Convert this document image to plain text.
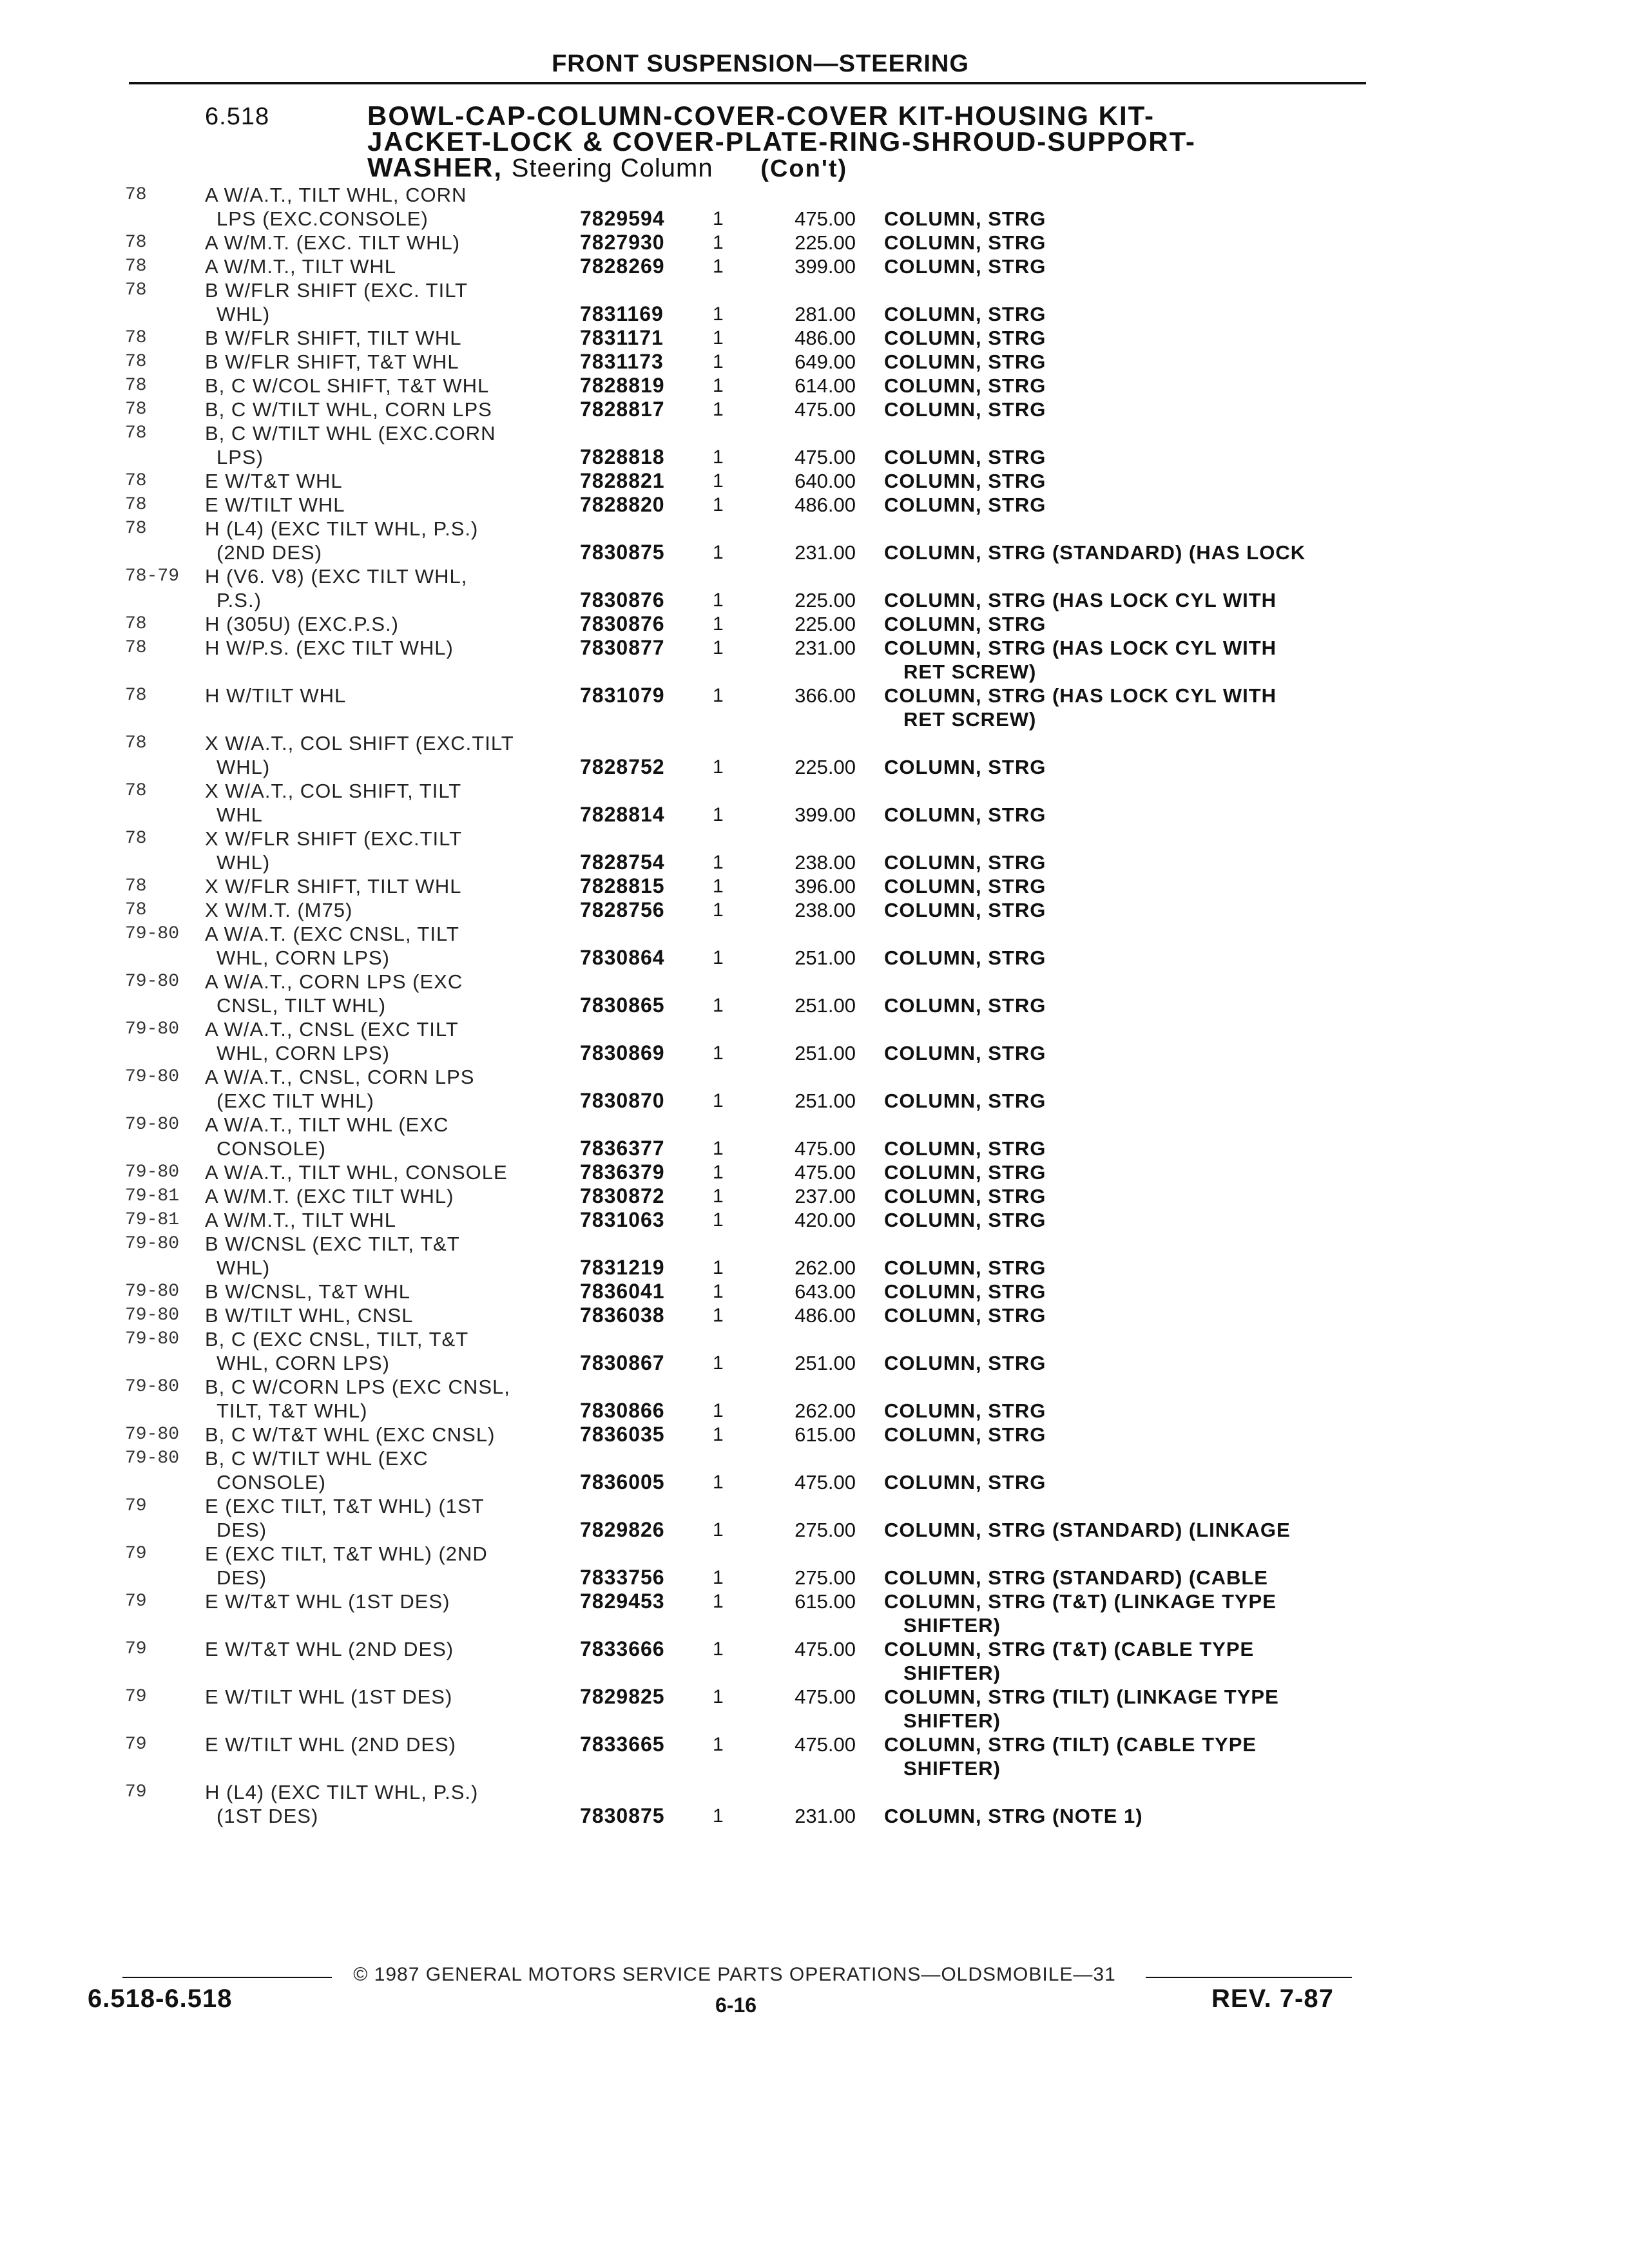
FRONT SUSPENSION—STEERING
6.518	BOWL-CAP-COLUMN-COVER-COVER KIT-HOUSING KIT-
JACKET-LOCK & COVER-PLATE-RING-SHROUD-SUPPORT-
WASHER, Steering Column (Con't)
78	A W/A.T., TILT WHL, CORN
LPS (EXC.CONSOLE)	7829594 1	475.00 COLUMN, STRG
78	A W/M.T. (EXC. TILT WHL)	7827930 1	225.00 COLUMN, STRG
78	A W/M.T., TILT WHL	7828269 1	399.00 COLUMN, STRG
78	B W/FLR SHIFT (EXC. TILT
WHL)	7831169	1	281.00 COLUMN, STRG
78	B W/FLR SHIFT, TILT WHL	7831171	1	486.00 COLUMN, STRG
78	B W/FLR SHIFT, T&T WHL	7831173	1	649.00 COLUMN, STRG
78	B, C W/COL SHIFT, T&T WHL	7828819 1	614.00 COLUMN, STRG
78	B, C W/TILT WHL, CORN LPS	7828817 1	475.00 COLUMN, STRG
78	B, C W/TILT WHL (EXC.CORN
LPS)	7828818 1	475.00 COLUMN, STRG
78	E W/T&T WHL	7828821 1	640.00 COLUMN, STRG
78	E W/TILT WHL	7828820 1	486.00 COLUMN, STRG
78	H (L4) (EXC TILT WHL, P.S.)
(2ND DES)	7830875 1	231.00 COLUMN, STRG (STANDARD) (HAS LOCK
78-79 H (V6. V8) (EXC TILT WHL,
P.S.)	7830876 1	225.00 COLUMN, STRG (HAS LOCK CYL WITH
78	H (305U) (EXC.P.S.)	7830876 1	225.00 COLUMN, STRG
78	H W/P.S. (EXC TILT WHL)	7830877 1	231.00 COLUMN, STRG (HAS LOCK CYL WITH
RET SCREW)
78	H W/TILT WHL	7831079 1	366.00 COLUMN, STRG (HAS LOCK CYL WITH
RET SCREW)
78	X W/A.T., COL SHIFT (EXC.TILT
WHL)	7828752 1	225.00 COLUMN, STRG
78	X W/A.T., COL SHIFT, TILT
WHL	7828814 1	399.00 COLUMN, STRG
78	X W/FLR SHIFT (EXC.TILT
WHL)	7828754 1	238.00 COLUMN, STRG
78	X W/FLR SHIFT, TILT WHL	7828815 1	396.00 COLUMN, STRG
78	X W/M.T. (M75)	7828756 1	238.00 COLUMN, STRG
79-80 A W/A.T. (EXC CNSL, TILT
WHL, CORN LPS)	7830864 1	251.00 COLUMN, STRG
79-80 A W/A.T., CORN LPS (EXC
CNSL, TILT WHL)	7830865 1	251.00 COLUMN, STRG
79-80 A W/A.T., CNSL (EXC TILT
WHL, CORN LPS)	7830869 1	251.00 COLUMN, STRG
79-80 A W/A.T., CNSL, CORN LPS
(EXC TILT WHL)	7830870 1	251.00 COLUMN, STRG
79-80 A W/A.T., TILT WHL (EXC
CONSOLE)	7836377 1	475.00 COLUMN, STRG
79-80 A W/A.T., TILT WHL, CONSOLE	7836379 1	475.00 COLUMN, STRG
79-81 A W/M.T. (EXC TILT WHL)	7830872 1	237.00 COLUMN, STRG
79-81 A W/M.T., TILT WHL	7831063 1	420.00 COLUMN, STRG
79-80 B W/CNSL (EXC TILT, T&T
WHL)	7831219 1	262.00 COLUMN, STRG
79-80 B W/CNSL, T&T WHL	7836041 1	643.00 COLUMN, STRG
79-80 B W/TILT WHL, CNSL	7836038 1	486.00 COLUMN, STRG
79-80 B, C (EXC CNSL, TILT, T&T
WHL, CORN LPS)	7830867 1	251.00 COLUMN, STRG
79-80 B, C W/CORN LPS (EXC CNSL,
TILT, T&T WHL)	7830866 1	262.00 COLUMN, STRG
79-80 B, C W/T&T WHL (EXC CNSL)	7836035 1	615.00 COLUMN, STRG
79-80 B, C W/TILT WHL (EXC
CONSOLE)	7836005 1	475.00 COLUMN, STRG
79	E (EXC TILT, T&T WHL) (1ST
DES)	7829826 1	275.00 COLUMN, STRG (STANDARD) (LINKAGE
79	E (EXC TILT, T&T WHL) (2ND
DES)	7833756 1	275.00 COLUMN, STRG (STANDARD) (CABLE
79	E W/T&T WHL (1ST DES)	7829453 1	615.00 COLUMN, STRG (T&T) (LINKAGE TYPE
SHIFTER)
79	E W/T&T WHL (2ND DES)	7833666 1	475.00 COLUMN, STRG (T&T) (CABLE TYPE
SHIFTER)
79	E W/TILT WHL (1ST DES)	7829825 1	475.00 COLUMN, STRG (TILT) (LINKAGE TYPE
SHIFTER)
79	E W/TILT WHL (2ND DES)	7833665 1	475.00 COLUMN, STRG (TILT) (CABLE TYPE
SHIFTER)
79	H (L4) (EXC TILT WHL, P.S.)
(1ST DES)	7830875 1	231.00 COLUMN, STRG (NOTE 1)
© 1987 GENERAL MOTORS SERVICE PARTS OPERATIONS—OLDSMOBILE—31
6.518-6.518	6-16	REV. 7-87
